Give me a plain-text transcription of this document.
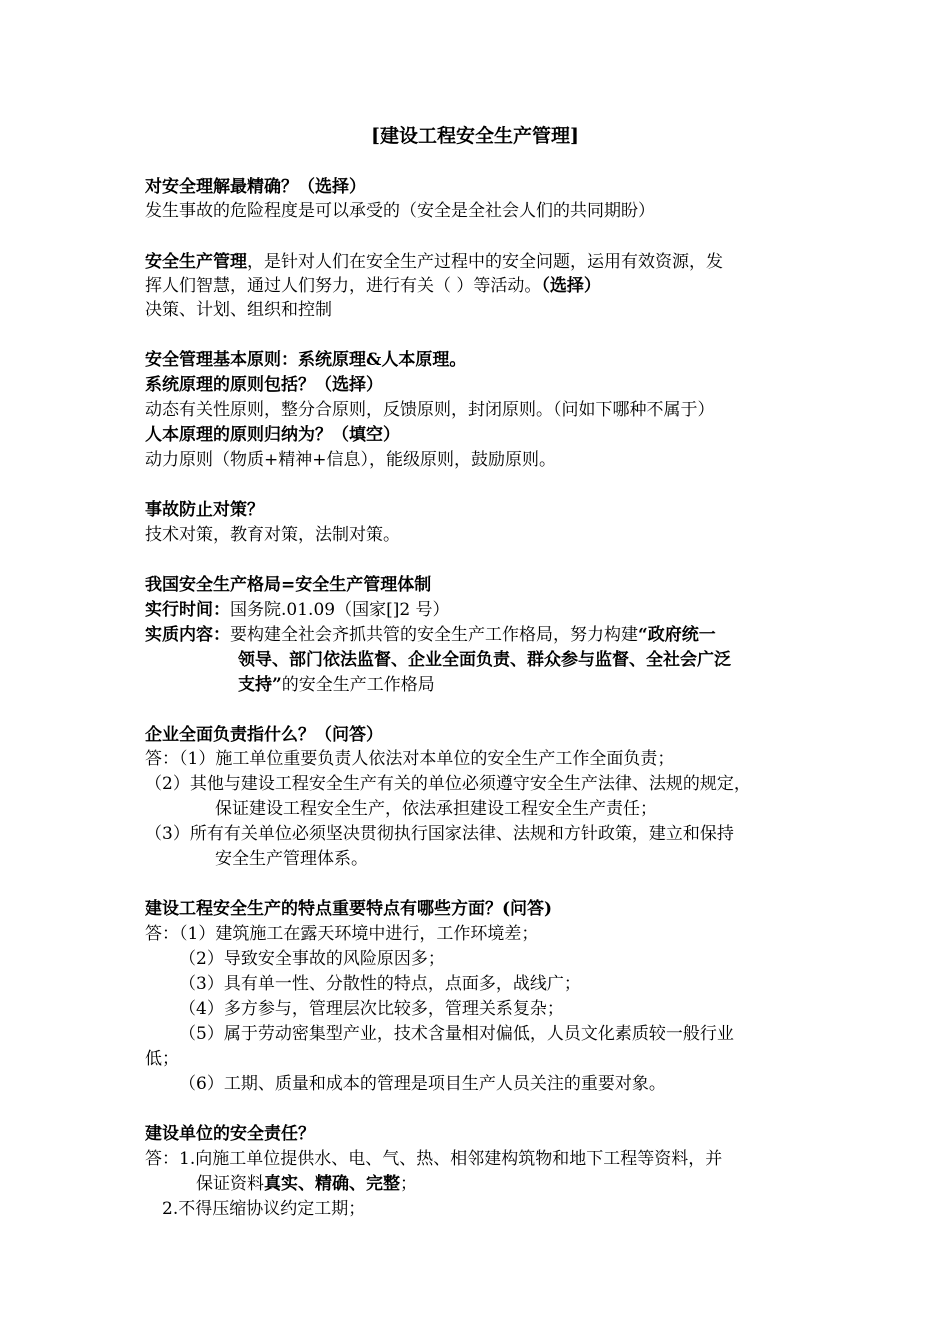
[建设工程安全生产管理]
对安全理解最精确？（选择）
发生事故的危险程度是可以承受的（安全是全社会人们的共同期盼）
安全生产管理，是针对人们在安全生产过程中的安全问题，运用有效资源，发
挥人们智慧，通过人们努力，进行有关（ ）等活动。（选择）
决策、计划、组织和控制
安全管理基本原则：系统原理&人本原理。
系统原理的原则包括？（选择）
动态有关性原则，整分合原则，反馈原则，封闭原则。（问如下哪种不属于）
人本原理的原则归纳为？（填空）
动力原则（物质+精神+信息），能级原则，鼓励原则。
事故防止对策？
技术对策，教育对策，法制对策。
我国安全生产格局=安全生产管理体制
实行时间：国务院.01.09（国家[]2 号）
实质内容：要构建全社会齐抓共管的安全生产工作格局，努力构建“政府统一
领导、部门依法监督、企业全面负责、群众参与监督、全社会广泛
支持”的安全生产工作格局
企业全面负责指什么？（问答）
答：（1）施工单位重要负责人依法对本单位的安全生产工作全面负责；
（2）其他与建设工程安全生产有关的单位必须遵守安全生产法律、法规的规定，
保证建设工程安全生产，依法承担建设工程安全生产责任；
（3）所有有关单位必须坚决贯彻执行国家法律、法规和方针政策，建立和保持
安全生产管理体系。
建设工程安全生产的特点重要特点有哪些方面？(问答)
答：（1）建筑施工在露天环境中进行，工作环境差；
（2）导致安全事故的风险原因多；
（3）具有单一性、分散性的特点，点面多，战线广；
（4）多方参与，管理层次比较多，管理关系复杂；
（5）属于劳动密集型产业，技术含量相对偏低，人员文化素质较一般行业
低；
（6）工期、质量和成本的管理是项目生产人员关注的重要对象。
建设单位的安全责任？
答：1.向施工单位提供水、电、气、热、相邻建构筑物和地下工程等资料，并
保证资料真实、精确、完整；
2.不得压缩协议约定工期；
